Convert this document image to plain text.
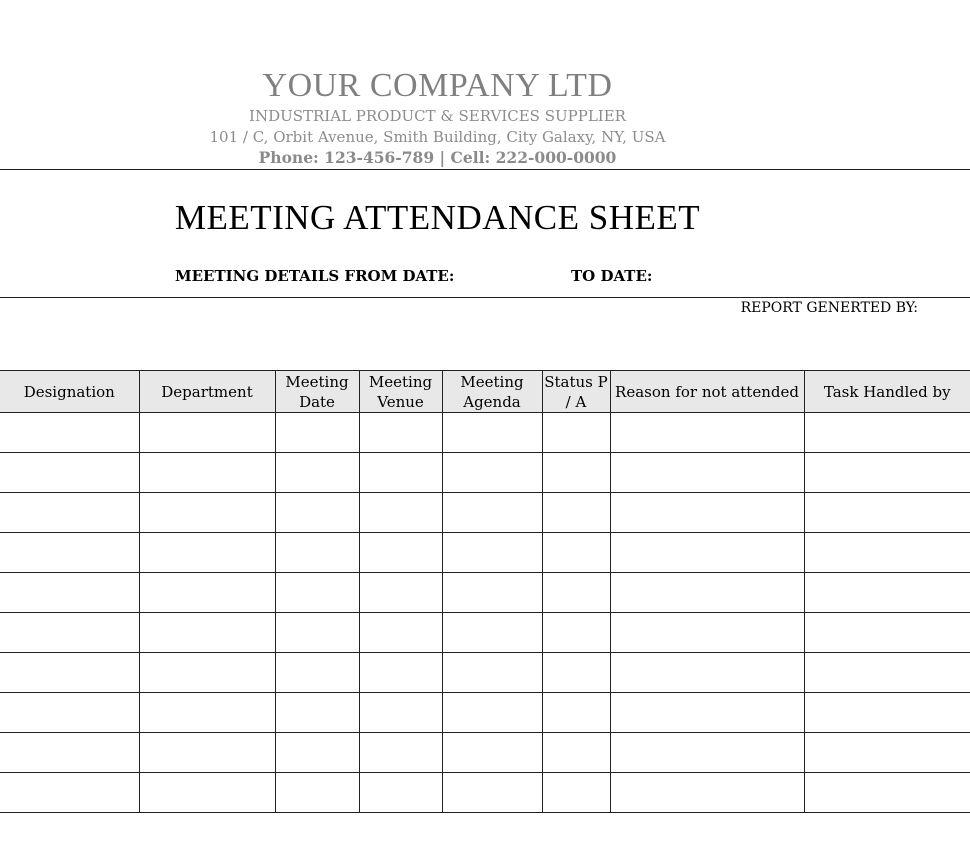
YOUR COMPANY LTD
INDUSTRIAL PRODUCT & SERVICES SUPPLIER
101 / C, Orbit Avenue, Smith Building, City Galaxy, NY, USA
Phone: 123-456-789 | Cell: 222-000-0000
MEETING ATTENDANCE SHEET
MEETING DETAILS FROM DATE:	TO DATE:
REPORT GENERTED BY:
Designation	Department	Meeting Date	Meeting Venue	Meeting Agenda	Status P / A	Reason for not attended	Task Handled by
